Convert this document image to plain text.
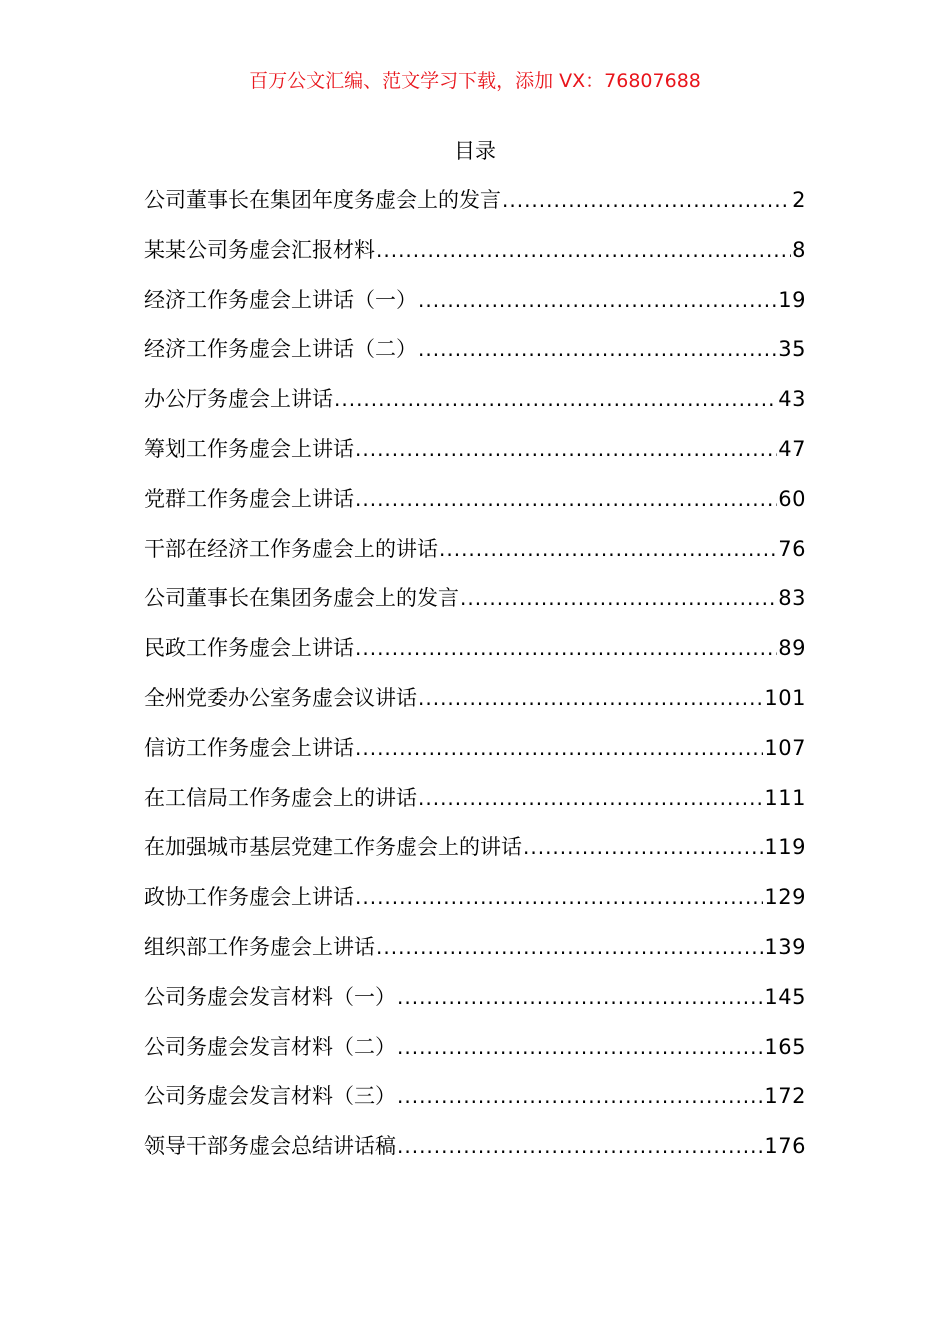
百万公文汇编、范文学习下载，添加 VX：76807688
目录
公司董事长在集团年度务虚会上的发言 .....	2
某某公司务虚会汇报材料 .....	8
经济工作务虚会上讲话（一） .....	19
经济工作务虚会上讲话（二） .....	35
办公厅务虚会上讲话 .....	43
筹划工作务虚会上讲话 .....	47
党群工作务虚会上讲话 .....	60
干部在经济工作务虚会上的讲话 .....	76
公司董事长在集团务虚会上的发言 .....	83
民政工作务虚会上讲话 .....	89
全州党委办公室务虚会议讲话 .....	101
信访工作务虚会上讲话 .....	107
在工信局工作务虚会上的讲话 .....	111
在加强城市基层党建工作务虚会上的讲话 .....	119
政协工作务虚会上讲话 .....	129
组织部工作务虚会上讲话 .....	139
公司务虚会发言材料（一） .....	145
公司务虚会发言材料（二） .....	165
公司务虚会发言材料（三） .....	172
领导干部务虚会总结讲话稿 .....	176
